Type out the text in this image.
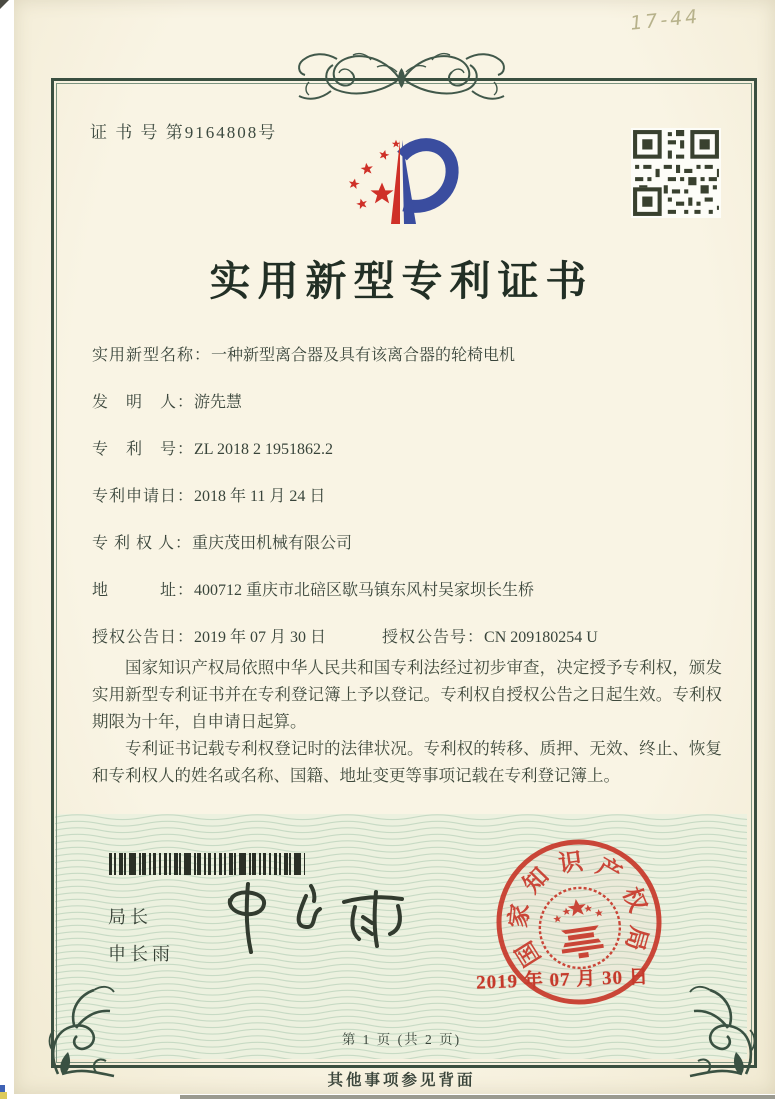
证 书 号 第9164808号
17-44
实用新型专利证书
实用新型名称：一种新型离合器及具有该离合器的轮椅电机
发　明　人：游先慧
专　利　号：ZL 2018 2 1951862.2
专利申请日：2018 年 11 月 24 日
专 利 权 人：重庆茂田机械有限公司
地　　　址：400712 重庆市北碚区歇马镇东风村吴家坝长生桥
授权公告日：2019 年 07 月 30 日	授权公告号：CN 209180254 U

国家知识产权局依照中华人民共和国专利法经过初步审查，决定授予专利权，颁发实用新型专利证书并在专利登记簿上予以登记。专利权自授权公告之日起生效。专利权期限为十年，自申请日起算。

专利证书记载专利权登记时的法律状况。专利权的转移、质押、无效、终止、恢复和专利权人的姓名或名称、国籍、地址变更等事项记载在专利登记簿上。

局长
申长雨	国
家
知 识 产
权
局
2019 年 07 月 30 日
第 1 页 (共 2 页)
其他事项参见背面
